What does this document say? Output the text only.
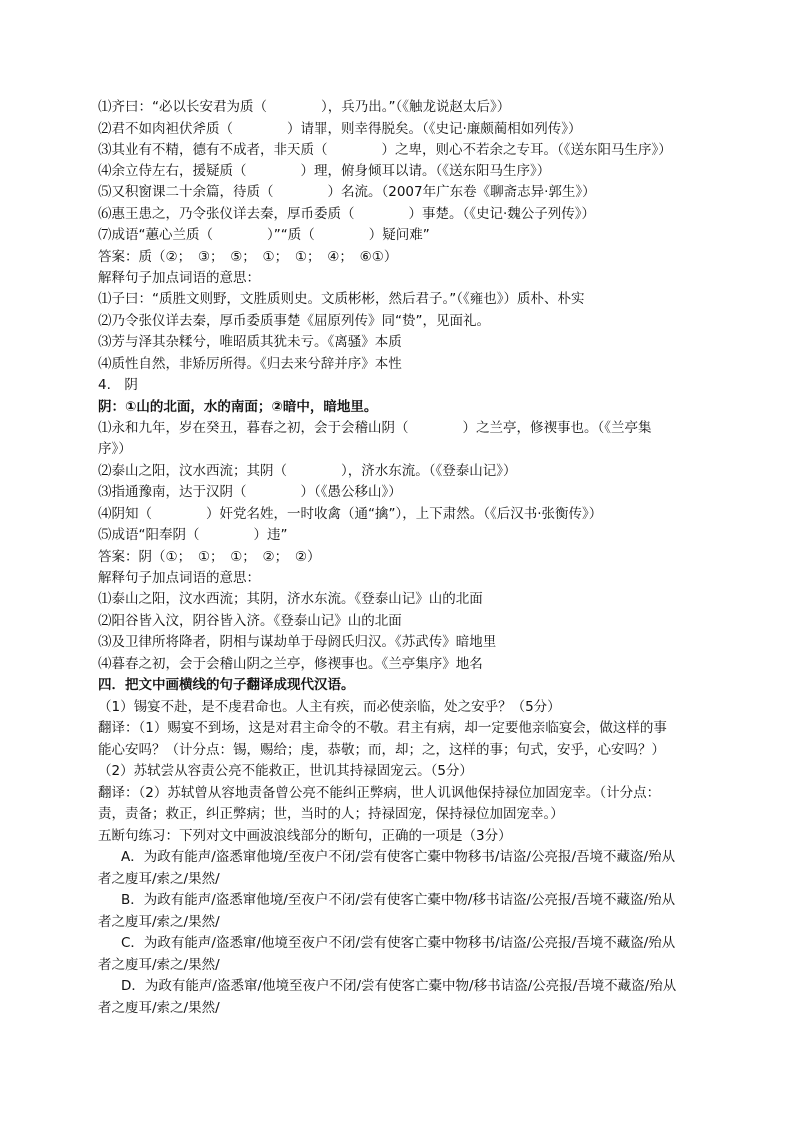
⑴齐曰：“必以长安君为质（　　　　），兵乃出。”（《触龙说赵太后》）
⑵君不如肉袒伏斧质（　　　　）请罪，则幸得脱矣。（《史记·廉颇蔺相如列传》）
⑶其业有不精，德有不成者，非天质（　　　　）之卑，则心不若余之专耳。（《送东阳马生序》）
⑷余立侍左右，援疑质（　　　　）理，俯身倾耳以请。（《送东阳马生序》）
⑸又积窗课二十余篇，待质（　　　　）名流。（2007年广东卷《聊斋志异·郭生》）
⑹惠王患之，乃令张仪详去秦，厚币委质（　　　　）事楚。（《史记·魏公子列传》）
⑺成语“蕙心兰质（　　　　）”“质（　　　　）疑问难”
答案：质（②；　③；　⑤；　①；　①；　④；　⑥①）
解释句子加点词语的意思：
⑴子曰：“质胜文则野，文胜质则史。文质彬彬，然后君子。”（《雍也》）质朴、朴实
⑵乃令张仪详去秦，厚币委质事楚《屈原列传》同“贽”，见面礼。
⑶芳与泽其杂糅兮，唯昭质其犹未亏。《离骚》本质
⑷质性自然，非矫厉所得。《归去来兮辞并序》本性
4.　阴
阴：①山的北面，水的南面；②暗中，暗地里。
⑴永和九年，岁在癸丑，暮春之初，会于会稽山阴（　　　　）之兰亭，修禊事也。（《兰亭集
序》）
⑵泰山之阳，汶水西流；其阴（　　　　），济水东流。（《登泰山记》）
⑶指通豫南，达于汉阴（　　　　）（《愚公移山》）
⑷阴知（　　　　）奸党名姓，一时收禽（通“擒”），上下肃然。（《后汉书·张衡传》）
⑸成语“阳奉阴（　　　　）违”
答案：阴（①；　①；　①；　②；　②）
解释句子加点词语的意思：
⑴泰山之阳，汶水西流；其阴，济水东流。《登泰山记》山的北面
⑵阳谷皆入汶，阴谷皆入济。《登泰山记》山的北面
⑶及卫律所将降者，阴相与谋劫单于母阏氏归汉。《苏武传》暗地里
⑷暮春之初，会于会稽山阴之兰亭，修禊事也。《兰亭集序》地名
四．把文中画横线的句子翻译成现代汉语。
（1）锡宴不赴，是不虔君命也。人主有疾，而必使亲临，处之安乎？（5分）
翻译：（1）赐宴不到场，这是对君主命令的不敬。君主有病，却一定要他亲临宴会，做这样的事
能心安吗？（计分点：锡，赐给；虔，恭敬；而，却；之，这样的事；句式，安乎，心安吗？）
（2）苏轼尝从容责公亮不能救正，世讥其持禄固宠云。（5分）
翻译：（2）苏轼曾从容地责备曾公亮不能纠正弊病，世人讥讽他保持禄位加固宠幸。（计分点：
责，责备；救正，纠正弊病；世，当时的人；持禄固宠，保持禄位加固宠幸。）
五断句练习：下列对文中画波浪线部分的断句，正确的一项是（3分）
A．为政有能声/盗悉窜他境/至夜户不闭/尝有使客亡橐中物移书/诘盗/公亮报/吾境不藏盗/殆从
者之廋耳/索之/果然/
B．为政有能声/盗悉窜他境/至夜户不闭/尝有使客亡橐中物/移书诘盗/公亮报/吾境不藏盗/殆从
者之廋耳/索之/果然/
C．为政有能声/盗悉窜/他境至夜户不闭/尝有使客亡橐中物移书/诘盗/公亮报/吾境不藏盗/殆从
者之廋耳/索之/果然/
D．为政有能声/盗悉窜/他境至夜户不闭/尝有使客亡橐中物/移书诘盗/公亮报/吾境不藏盗/殆从
者之廋耳/索之/果然/
